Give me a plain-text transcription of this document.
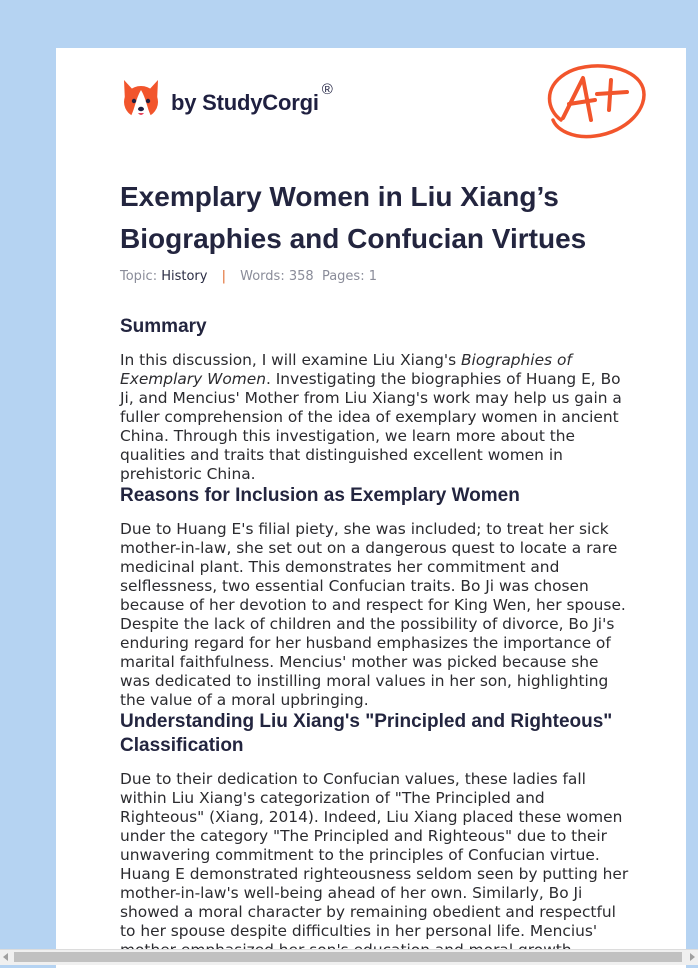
by StudyCorgi®
Exemplary Women in Liu Xiang’s Biographies and Confucian Virtues
Topic: History | Words: 358 Pages: 1
Summary

In this discussion, I will examine Liu Xiang's Biographies of Exemplary Women. Investigating the biographies of Huang E, Bo Ji, and Mencius' Mother from Liu Xiang's work may help us gain a fuller comprehension of the idea of exemplary women in ancient China. Through this investigation, we learn more about the qualities and traits that distinguished excellent women in prehistoric China.

Reasons for Inclusion as Exemplary Women

Due to Huang E's filial piety, she was included; to treat her sick mother-in-law, she set out on a dangerous quest to locate a rare medicinal plant. This demonstrates her commitment and selflessness, two essential Confucian traits. Bo Ji was chosen because of her devotion to and respect for King Wen, her spouse. Despite the lack of children and the possibility of divorce, Bo Ji's enduring regard for her husband emphasizes the importance of marital faithfulness. Mencius' mother was picked because she was dedicated to instilling moral values in her son, highlighting the value of a moral upbringing.

Understanding Liu Xiang's "Principled and Righteous" Classification

Due to their dedication to Confucian values, these ladies fall within Liu Xiang's categorization of "The Principled and Righteous" (Xiang, 2014). Indeed, Liu Xiang placed these women under the category "The Principled and Righteous" due to their unwavering commitment to the principles of Confucian virtue. Huang E demonstrated righteousness seldom seen by putting her mother-in-law's well-being ahead of her own. Similarly, Bo Ji showed a moral character by remaining obedient and respectful to her spouse despite difficulties in her personal life. Mencius'
